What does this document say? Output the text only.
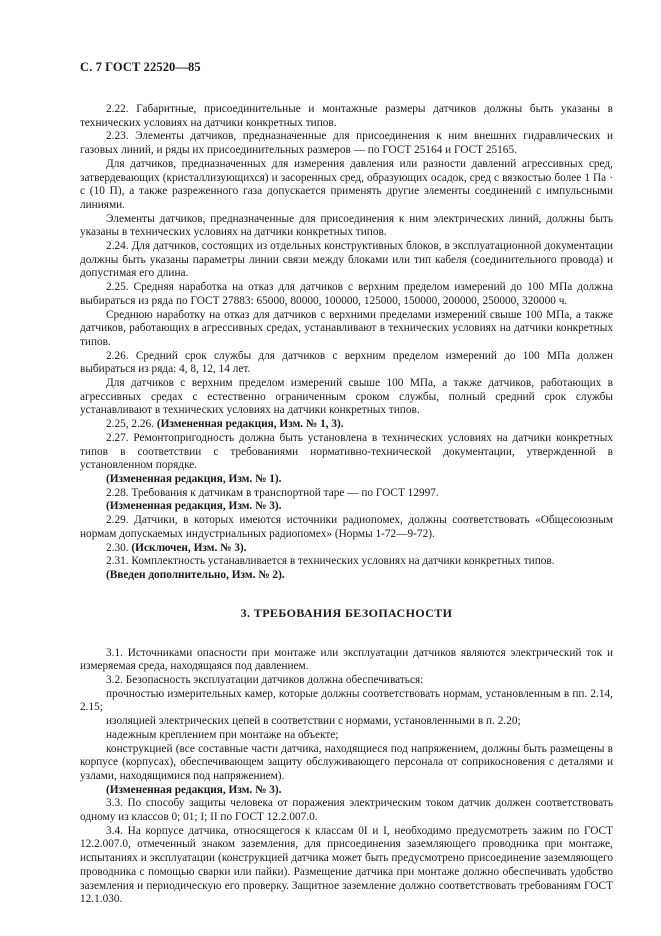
С. 7 ГОСТ 22520—85

2.22. Габаритные, присоединительные и монтажные размеры датчиков должны быть указаны в технических условиях на датчики конкретных типов.

2.23. Элементы датчиков, предназначенные для присоединения к ним внешних гидравлических и газовых линий, и ряды их присоединительных размеров — по ГОСТ 25164 и ГОСТ 25165.

Для датчиков, предназначенных для измерения давления или разности давлений агрессивных сред, затвердевающих (кристаллизующихся) и засоренных сред, образующих осадок, сред с вязкостью более 1 Па · с (10 П), а также разреженного газа допускается применять другие элементы соединений с импульсными линиями.

Элементы датчиков, предназначенные для присоединения к ним электрических линий, должны быть указаны в технических условиях на датчики конкретных типов.

2.24. Для датчиков, состоящих из отдельных конструктивных блоков, в эксплуатационной документации должны быть указаны параметры линии связи между блоками или тип кабеля (соединительного провода) и допустимая его длина.

2.25. Средняя наработка на отказ для датчиков с верхним пределом измерений до 100 МПа должна выбираться из ряда по ГОСТ 27883: 65000, 80000, 100000, 125000, 150000, 200000, 250000, 320000 ч.

Среднюю наработку на отказ для датчиков с верхними пределами измерений свыше 100 МПа, а также датчиков, работающих в агрессивных средах, устанавливают в технических условиях на датчики конкретных типов.

2.26. Средний срок службы для датчиков с верхним пределом измерений до 100 МПа должен выбираться из ряда: 4, 8, 12, 14 лет.

Для датчиков с верхним пределом измерений свыше 100 МПа, а также датчиков, работающих в агрессивных средах с естественно ограниченным сроком службы, полный средний срок службы устанавливают в технических условиях на датчики конкретных типов.

2.25, 2.26. (Измененная редакция, Изм. № 1, 3).

2.27. Ремонтопригодность должна быть установлена в технических условиях на датчики конкретных типов в соответствии с требованиями нормативно-технической документации, утвержденной в установленном порядке.

(Измененная редакция, Изм. № 1).

2.28. Требования к датчикам в транспортной таре — по ГОСТ 12997.

(Измененная редакция, Изм. № 3).

2.29. Датчики, в которых имеются источники радиопомех, должны соответствовать «Общесоюзным нормам допускаемых индустриальных радиопомех» (Нормы 1-72—9-72).

2.30. (Исключен, Изм. № 3).

2.31. Комплектность устанавливается в технических условиях на датчики конкретных типов.

(Введен дополнительно, Изм. № 2).

3. ТРЕБОВАНИЯ БЕЗОПАСНОСТИ

3.1. Источниками опасности при монтаже или эксплуатации датчиков являются электрический ток и измеряемая среда, находящаяся под давлением.

3.2. Безопасность эксплуатации датчиков должна обеспечиваться:

прочностью измерительных камер, которые должны соответствовать нормам, установленным в пп. 2.14, 2.15;

изоляцией электрических цепей в соответствии с нормами, установленными в п. 2.20;

надежным креплением при монтаже на объекте;

конструкцией (все составные части датчика, находящиеся под напряжением, должны быть размещены в корпусе (корпусах), обеспечивающем защиту обслуживающего персонала от соприкосновения с деталями и узлами, находящимися под напряжением).

(Измененная редакция, Изм. № 3).

3.3. По способу защиты человека от поражения электрическим током датчик должен соответствовать одному из классов 0; 01; I; II по ГОСТ 12.2.007.0.

3.4. На корпусе датчика, относящегося к классам 0I и I, необходимо предусмотреть зажим по ГОСТ 12.2.007.0, отмеченный знаком заземления, для присоединения заземляющего проводника при монтаже, испытаниях и эксплуатации (конструкцией датчика может быть предусмотрено присоединение заземляющего проводника с помощью сварки или пайки). Размещение датчика при монтаже должно обеспечивать удобство заземления и периодическую его проверку. Защитное заземление должно соответствовать требованиям ГОСТ 12.1.030.
